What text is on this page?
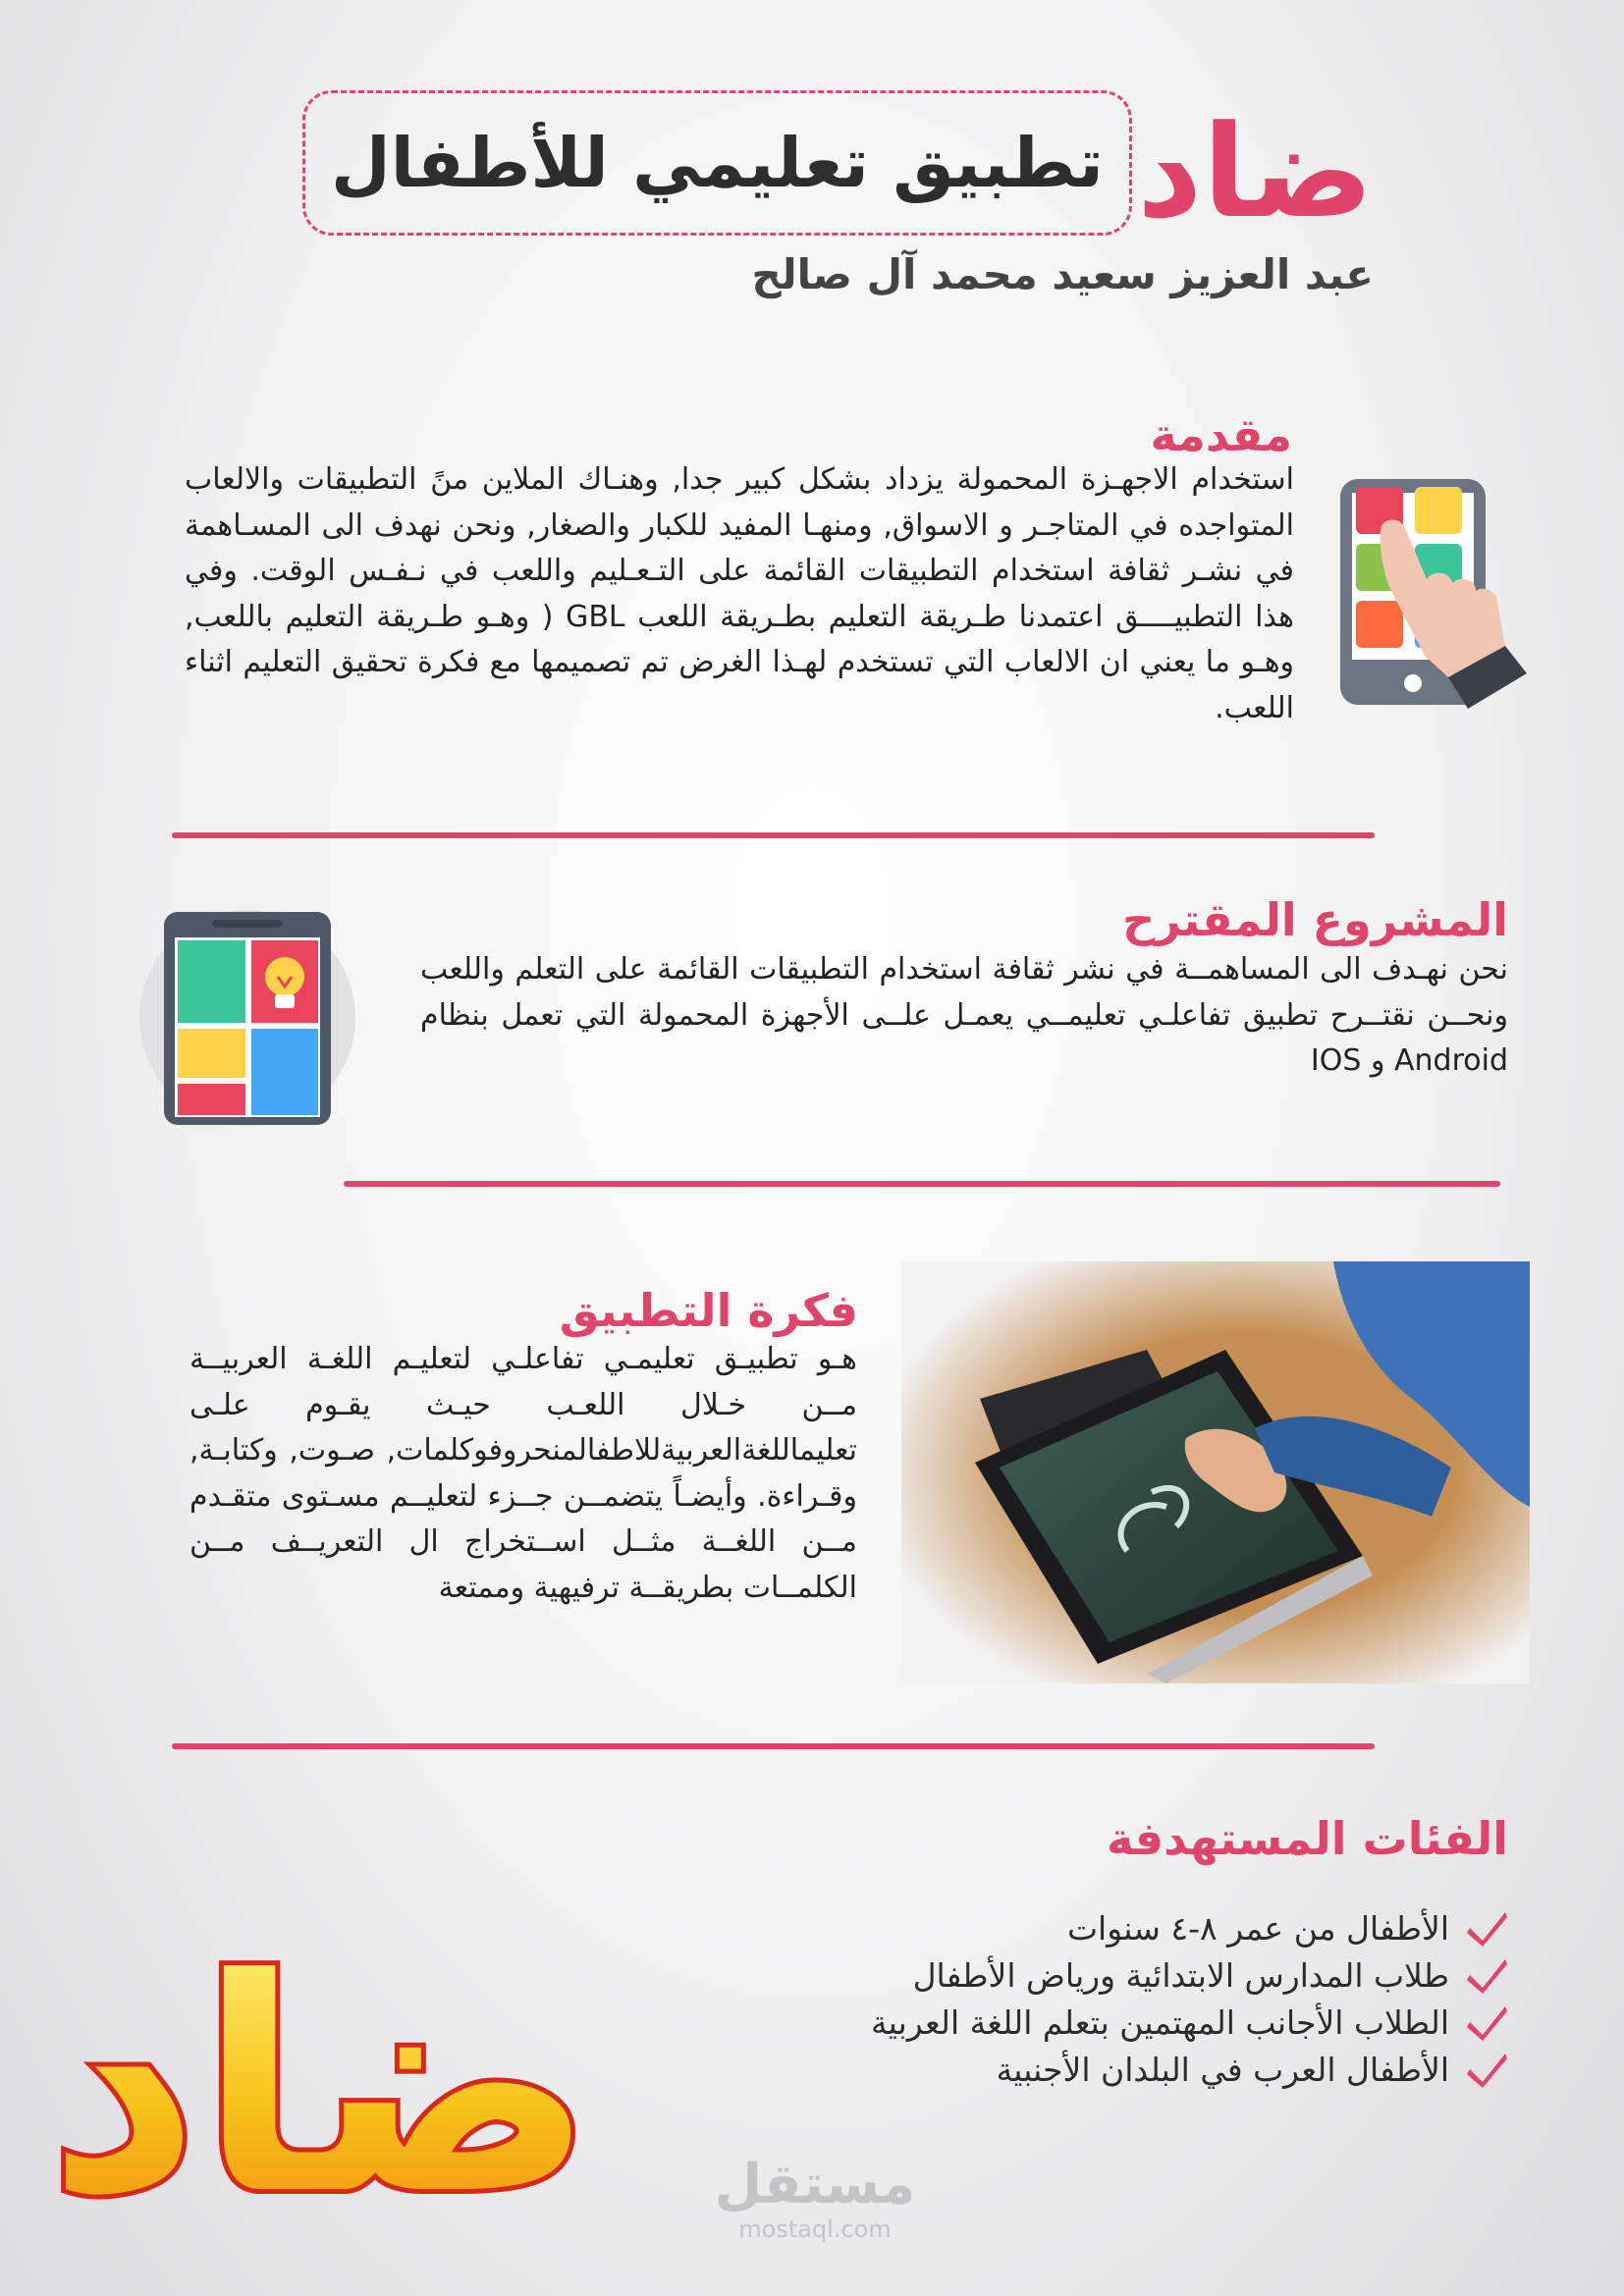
ضاد
تطبيق تعليمي للأطفال
عبد العزيز سعيد محمد آل صالح
مقدمة
استخدام الاجهـزة المحمولة يزداد بشكل كبير جدا, وهنـاك الملاين منً التطبيقات والالعاب المتواجده في المتاجـر و الاسواق, ومنهـا المفيد للكبار والصغار, ونحن نهدف الى المسـاهمة في نشـر ثقافة استخدام التطبيقات القائمة على التـعـليم واللعب في نـفـس الوقت. وفي هذا التطبيــــق اعتمدنا طـريقة التعليم بطـريقة اللعب GBL ( وهـو طـريقة التعليم باللعب, وهـو ما يعني ان الالعاب التي تستخدم لهـذا الغرض تم تصميمها مع فكرة تحقيق التعليم اثناء اللعب.
المشروع المقترح
نحن نهـدف الى المساهمــة في نشر ثقافة استخدام التطبيقات القائمة على التعلم واللعب ونحــن نقتــرح تطبيق تفاعلـي تعليمــي يعمـل علــى الأجهزة المحمولة التي تعمل بنظام Android و IOS
فكرة التطبيق
هـو تطبيـق تعليمـي تفاعلـي لتعليـم اللغـة العربيــة مــن خـلال اللعـب حيـث يقـوم علـى تعليماللغةالعربيةللاطفالمنحروفوكلمات, صـوت, وكتابـة, وقـراءة. وأيضـاً يتضمــن جــزء لتعليــم مسـتوى متقـدم مــن اللغــة مثــل اســتخراج ال التعريــف مــن الكلمــات بطريقــة ترفيهية وممتعة
الفئات المستهدفة
الأطفال من عمر ٨-٤ سنوات
طلاب المدارس الابتدائية ورياض الأطفال
الطلاب الأجانب المهتمين بتعلم اللغة العربية
الأطفال العرب في البلدان الأجنبية
ضاد	مستقل
mostaql.com
